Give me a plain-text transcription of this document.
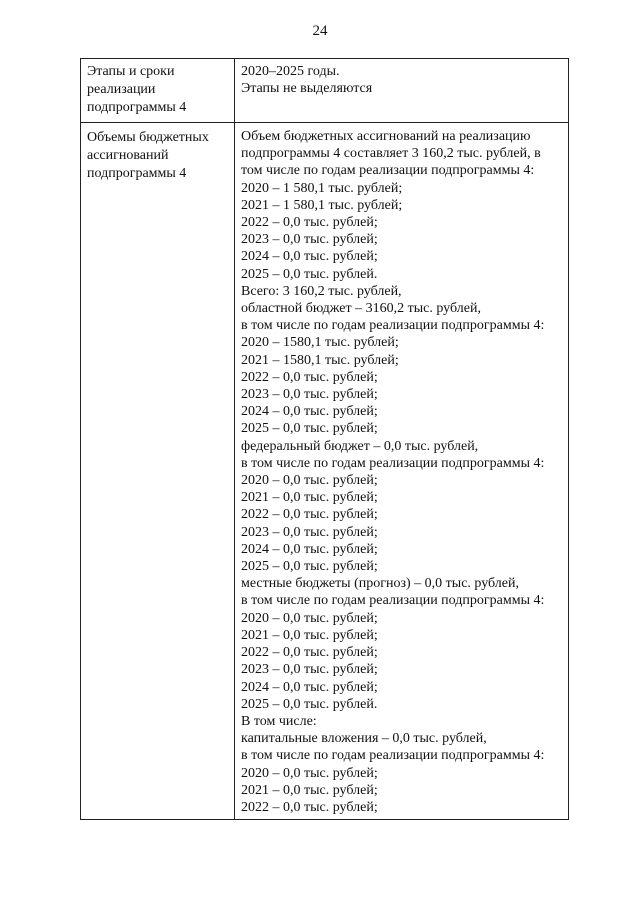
24
Этапы и сроки
реализации
подпрограммы 4
2020–2025 годы.
Этапы не выделяются
Объемы бюджетных
ассигнований
подпрограммы 4
Объем бюджетных ассигнований на реализацию
подпрограммы 4 составляет 3 160,2 тыс. рублей, в
том числе по годам реализации подпрограммы 4:
2020 – 1 580,1 тыс. рублей;
2021 – 1 580,1 тыс. рублей;
2022 – 0,0 тыс. рублей;
2023 – 0,0 тыс. рублей;
2024 – 0,0 тыс. рублей;
2025 – 0,0 тыс. рублей.
Всего: 3 160,2 тыс. рублей,
областной бюджет – 3160,2 тыс. рублей,
в том числе по годам реализации подпрограммы 4:
2020 – 1580,1 тыс. рублей;
2021 – 1580,1 тыс. рублей;
2022 – 0,0 тыс. рублей;
2023 – 0,0 тыс. рублей;
2024 – 0,0 тыс. рублей;
2025 – 0,0 тыс. рублей;
федеральный бюджет – 0,0 тыс. рублей,
в том числе по годам реализации подпрограммы 4:
2020 – 0,0 тыс. рублей;
2021 – 0,0 тыс. рублей;
2022 – 0,0 тыс. рублей;
2023 – 0,0 тыс. рублей;
2024 – 0,0 тыс. рублей;
2025 – 0,0 тыс. рублей;
местные бюджеты (прогноз) – 0,0 тыс. рублей,
в том числе по годам реализации подпрограммы 4:
2020 – 0,0 тыс. рублей;
2021 – 0,0 тыс. рублей;
2022 – 0,0 тыс. рублей;
2023 – 0,0 тыс. рублей;
2024 – 0,0 тыс. рублей;
2025 – 0,0 тыс. рублей.
В том числе:
капитальные вложения – 0,0 тыс. рублей,
в том числе по годам реализации подпрограммы 4:
2020 – 0,0 тыс. рублей;
2021 – 0,0 тыс. рублей;
2022 – 0,0 тыс. рублей;
